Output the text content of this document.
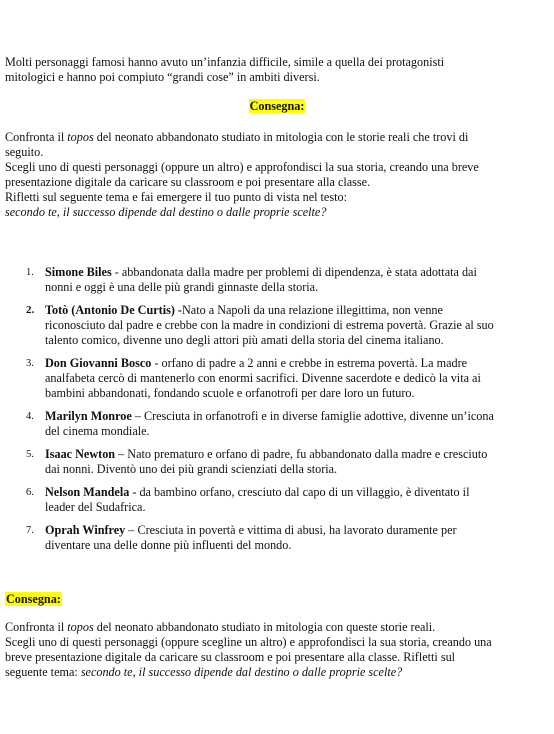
Molti personaggi famosi hanno avuto un’infanzia difficile, simile a quella dei protagonisti
mitologici e hanno poi compiuto “grandi cose” in ambiti diversi.

Consegna:

Confronta il topos del neonato abbandonato studiato in mitologia con le storie reali che trovi di
seguito.
Scegli uno di questi personaggi (oppure un altro) e approfondisci la sua storia, creando una breve
presentazione digitale da caricare su classroom e poi presentare alla classe.
Rifletti sul seguente tema e fai emergere il tuo punto di vista nel testo:
secondo te, il successo dipende dal destino o dalle proprie scelte?

1. Simone Biles - abbandonata dalla madre per problemi di dipendenza, è stata adottata dai
nonni e oggi è una delle più grandi ginnaste della storia.
2. Totò (Antonio De Curtis) -Nato a Napoli da una relazione illegittima, non venne
riconosciuto dal padre e crebbe con la madre in condizioni di estrema povertà. Grazie al suo
talento comico, divenne uno degli attori più amati della storia del cinema italiano.
3. Don Giovanni Bosco - orfano di padre a 2 anni e crebbe in estrema povertà. La madre
analfabeta cercò di mantenerlo con enormi sacrifici. Divenne sacerdote e dedicò la vita ai
bambini abbandonati, fondando scuole e orfanotrofi per dare loro un futuro.
4. Marilyn Monroe – Cresciuta in orfanotrofi e in diverse famiglie adottive, divenne un’icona
del cinema mondiale.
5. Isaac Newton – Nato prematuro e orfano di padre, fu abbandonato dalla madre e cresciuto
dai nonni. Diventò uno dei più grandi scienziati della storia.
6. Nelson Mandela - da bambino orfano, cresciuto dal capo di un villaggio, è diventato il
leader del Sudafrica.
7. Oprah Winfrey – Cresciuta in povertà e vittima di abusi, ha lavorato duramente per
diventare una delle donne più influenti del mondo.
Consegna:

Confronta il topos del neonato abbandonato studiato in mitologia con queste storie reali.
Scegli uno di questi personaggi (oppure scegline un altro) e approfondisci la sua storia, creando una
breve presentazione digitale da caricare su classroom e poi presentare alla classe. Rifletti sul
seguente tema: secondo te, il successo dipende dal destino o dalle proprie scelte?
